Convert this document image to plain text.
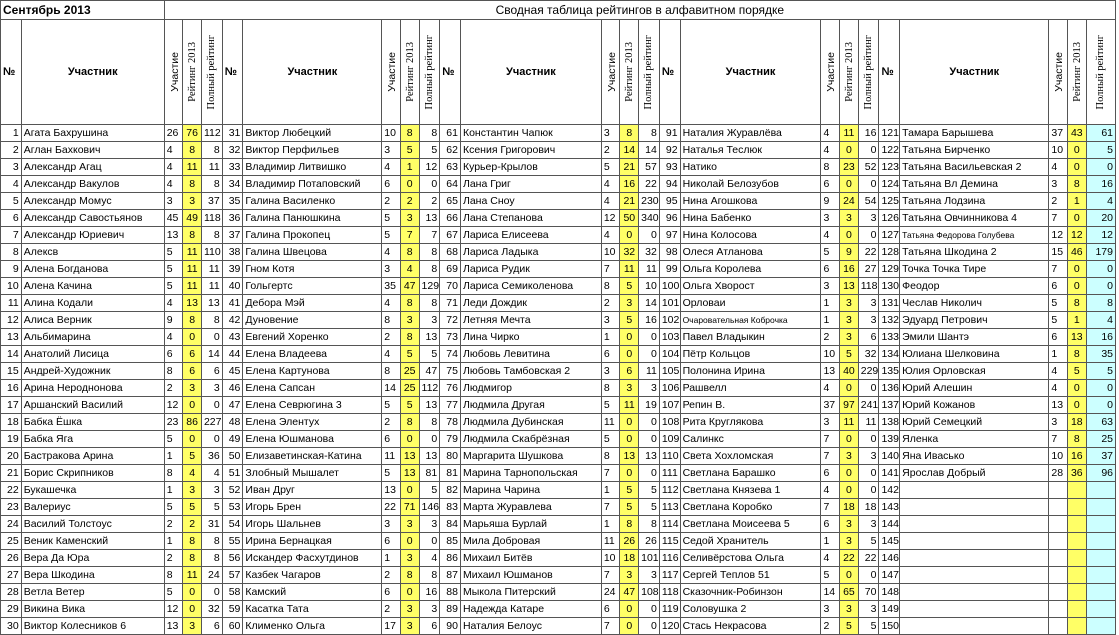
Сентябрь 2013		Сводная таблица рейтингов в алфавитном порядке																						
№	Участник	Участие	Рейтинг 2013	Полный рейтинг	№	Участник	Участие	Рейтинг 2013	Полный рейтинг	№	Участник	Участие	Рейтинг 2013	Полный рейтинг	№	Участник	Участие	Рейтинг 2013	Полный рейтинг	№	Участник	Участие	Рейтинг 2013	Полный рейтинг

1	Агата Бахрушина	26	76	112	31	Виктор Любецкий	10	8	8	61	Константин Чапюк	3	8	8	91	Наталия Журавлёва	4	11	16	121	Тамара Барышева	37	43	61
2	Аглан Бахкович	4	8	8	32	Виктор Перфильев	3	5	5	62	Ксения Григорович	2	14	14	92	Наталья Теслюк	4	0	0	122	Татьяна Бирченко	10	0	5
3	Александр Агац	4	11	11	33	Владимир Литвишко	4	1	12	63	Курьер-Крылов	5	21	57	93	Натико	8	23	52	123	Татьяна Васильевская 2	4	0	0
4	Александр Вакулов	4	8	8	34	Владимир Потаповский	6	0	0	64	Лана Григ	4	16	22	94	Николай Белозубов	6	0	0	124	Татьяна Вл Демина	3	8	16
5	Александр Момус	3	3	37	35	Галина Василенко	2	2	2	65	Лана Сноу	4	21	230	95	Нина Агошкова	9	24	54	125	Татьяна Лодзина	2	1	4
6	Александр Савостьянов	45	49	118	36	Галина Панюшкина	5	3	13	66	Лана Степанова	12	50	340	96	Нина Бабенко	3	3	3	126	Татьяна Овчинникова 4	7	0	20
7	Александр Юриевич	13	8	8	37	Галина Прокопец	5	7	7	67	Лариса Елисеева	4	0	0	97	Нина Колосова	4	0	0	127	Татьяна Федорова Голубева	12	12	12
8	Алексв	5	11	110	38	Галина Швецова	4	8	8	68	Лариса Ладыка	10	32	32	98	Олеся Атланова	5	9	22	128	Татьяна Шкодина 2	15	46	179
9	Алена Богданова	5	11	11	39	Гном Котя	3	4	8	69	Лариса Рудик	7	11	11	99	Ольга Королева	6	16	27	129	Точка Точка Тире	7	0	0
10	Алена Качина	5	11	11	40	Гольгертс	35	47	129	70	Лариса Семиколенова	8	5	10	100	Ольга Хворост	3	13	118	130	Феодор	6	0	0
11	Алина Кодали	4	13	13	41	Дебора Мэй	4	8	8	71	Леди Дождик	2	3	14	101	Орловаи	1	3	3	131	Чеслав Николич	5	8	8
12	Алиса Верник	9	8	8	42	Дуновение	8	3	3	72	Летняя Мечта	3	5	16	102	Очаровательная Коброчка	1	3	3	132	Эдуард Петрович	5	1	4
13	Альбимарина	4	0	0	43	Евгений Хоренко	2	8	13	73	Лина Чирко	1	0	0	103	Павел Владыкин	2	3	6	133	Эмили Шантэ	6	13	16
14	Анатолий Лисица	6	6	14	44	Елена Владеева	4	5	5	74	Любовь Левитина	6	0	0	104	Пётр Кольцов	10	5	32	134	Юлиана Шелковина	1	8	35
15	Андрей-Художник	8	6	6	45	Елена Картунова	8	25	47	75	Любовь Тамбовская 2	3	6	11	105	Полонина Ирина	13	40	229	135	Юлия Орловская	4	5	5
16	Арина Нероднонова	2	3	3	46	Елена Сапсан	14	25	112	76	Людмигор	8	3	3	106	Рашвелл	4	0	0	136	Юрий Алешин	4	0	0
17	Аршанский Василий	12	0	0	47	Елена Севрюгина 3	5	5	13	77	Людмила Другая	5	11	19	107	Репин В.	37	97	241	137	Юрий Кожанов	13	0	0
18	Бабка Ёшка	23	86	227	48	Елена Элентух	2	8	8	78	Людмила Дубинская	11	0	0	108	Рита Круглякова	3	11	11	138	Юрий Семецкий	3	18	63
19	Бабка Яга	5	0	0	49	Елена Юшманова	6	0	0	79	Людмила Скабрёзная	5	0	0	109	Салинкс	7	0	0	139	Яленка	7	8	25
20	Бастракова Арина	1	5	36	50	Елизаветинская-Катина	11	13	13	80	Маргарита Шушкова	8	13	13	110	Света Хохломская	7	3	3	140	Яна Ивасько	10	16	37
21	Борис Скрипников	8	4	4	51	Злобный Мышалет	5	13	81	81	Марина Тарнопольская	7	0	0	111	Светлана Барашко	6	0	0	141	Ярослав Добрый	28	36	96
22	Букашечка	1	3	3	52	Иван Друг	13	0	5	82	Марина Чарина	1	5	5	112	Светлана Князева 1	4	0	0	142				
23	Валериус	5	5	5	53	Игорь Брен	22	71	146	83	Марта Журавлева	7	5	5	113	Светлана Коробко	7	18	18	143				
24	Василий Толстоус	2	2	31	54	Игорь Шальнев	3	3	3	84	Марьяша Бурлай	1	8	8	114	Светлана Моисеева 5	6	3	3	144				
25	Веник Каменский	1	8	8	55	Ирина Бернацкая	6	0	0	85	Мила Добровая	11	26	26	115	Седой Хранитель	1	3	5	145				
26	Вера Да Юра	2	8	8	56	Искандер Фасхутдинов	1	3	4	86	Михаил Битёв	10	18	101	116	Селивёрстова Ольга	4	22	22	146				
27	Вера Шкодина	8	11	24	57	Казбек Чагаров	2	8	8	87	Михаил Юшманов	7	3	3	117	Сергей Теплов 51	5	0	0	147				
28	Ветла Ветер	5	0	0	58	Камский	6	0	16	88	Мыкола Питерский	24	47	108	118	Сказочник-Робинзон	14	65	70	148				
29	Викина Вика	12	0	32	59	Касатка Тата	2	3	3	89	Надежда Катаре	6	0	0	119	Соловушка 2	3	3	3	149				
30	Виктор Колесников 6	13	3	6	60	Клименко Ольга	17	3	6	90	Наталия Белоус	7	0	0	120	Стась Некрасова	2	5	5	150				
